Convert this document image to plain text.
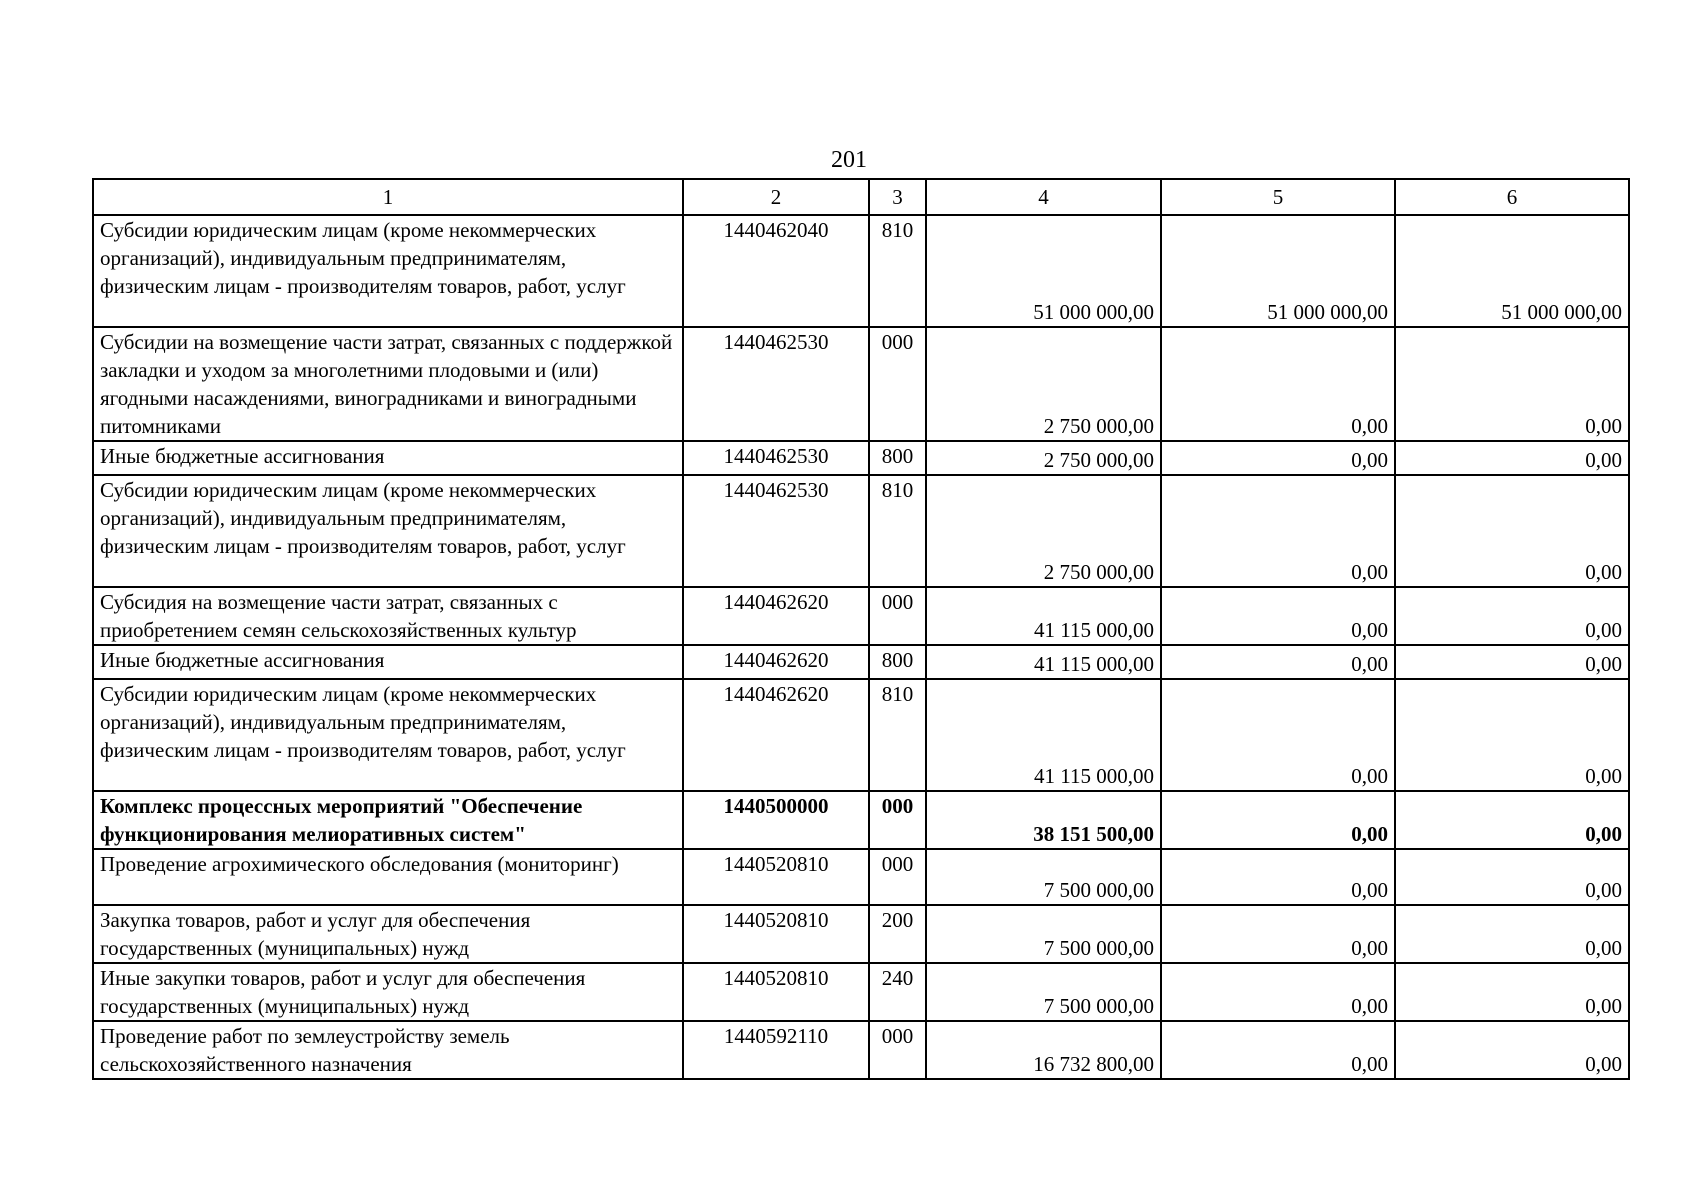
201
1	2	3	4	5	6
Субсидии юридическим лицам (кроме некоммерческих организаций), индивидуальным предпринимателям, физическим лицам - производителям товаров, работ, услуг	1440462040	810	51 000 000,00	51 000 000,00	51 000 000,00
Субсидии на возмещение части затрат, связанных с поддержкой закладки и уходом за многолетними плодовыми и (или) ягодными насаждениями, виноградниками и виноградными питомниками	1440462530	000	2 750 000,00	0,00	0,00
Иные бюджетные ассигнования	1440462530	800	2 750 000,00	0,00	0,00
Субсидии юридическим лицам (кроме некоммерческих организаций), индивидуальным предпринимателям, физическим лицам - производителям товаров, работ, услуг	1440462530	810	2 750 000,00	0,00	0,00
Субсидия на возмещение части затрат, связанных с приобретением семян сельскохозяйственных культур	1440462620	000	41 115 000,00	0,00	0,00
Иные бюджетные ассигнования	1440462620	800	41 115 000,00	0,00	0,00
Субсидии юридическим лицам (кроме некоммерческих организаций), индивидуальным предпринимателям, физическим лицам - производителям товаров, работ, услуг	1440462620	810	41 115 000,00	0,00	0,00
Комплекс процессных мероприятий "Обеспечение функционирования мелиоративных систем"	1440500000	000	38 151 500,00	0,00	0,00
Проведение агрохимического обследования (мониторинг)	1440520810	000	7 500 000,00	0,00	0,00
Закупка товаров, работ и услуг для обеспечения государственных (муниципальных) нужд	1440520810	200	7 500 000,00	0,00	0,00
Иные закупки товаров, работ и услуг для обеспечения государственных (муниципальных) нужд	1440520810	240	7 500 000,00	0,00	0,00
Проведение работ по землеустройству земель сельскохозяйственного назначения	1440592110	000	16 732 800,00	0,00	0,00
